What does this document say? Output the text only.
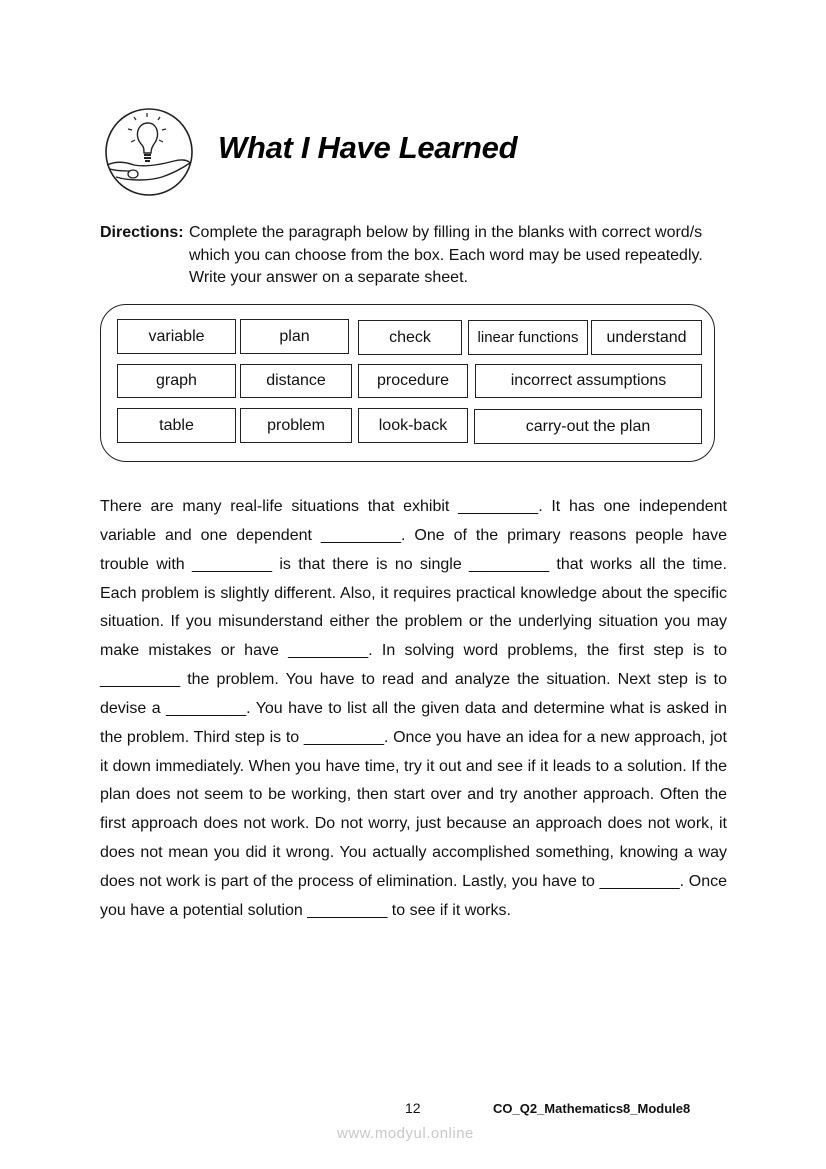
What I Have Learned
Directions: Complete the paragraph below by filling in the blanks with correct word/s which you can choose from the box. Each word may be used repeatedly. Write your answer on a separate sheet.
variable	plan	check	linear functions	understand
graph	distance	procedure	incorrect assumptions
table	problem	look-back	carry-out the plan

There are many real-life situations that exhibit _________. It has one independent variable and one dependent _________. One of the primary reasons people have trouble with _________ is that there is no single _________ that works all the time. Each problem is slightly different. Also, it requires practical knowledge about the specific situation. If you misunderstand either the problem or the underlying situation you may make mistakes or have _________. In solving word problems, the first step is to _________ the problem. You have to read and analyze the situation. Next step is to devise a _________. You have to list all the given data and determine what is asked in the problem. Third step is to _________. Once you have an idea for a new approach, jot it down immediately. When you have time, try it out and see if it leads to a solution. If the plan does not seem to be working, then start over and try another approach. Often the first approach does not work. Do not worry, just because an approach does not work, it does not mean you did it wrong. You actually accomplished something, knowing a way does not work is part of the process of elimination. Lastly, you have to _________. Once you have a potential solution _________ to see if it works.

12	CO_Q2_Mathematics8_Module8
www.modyul.online
